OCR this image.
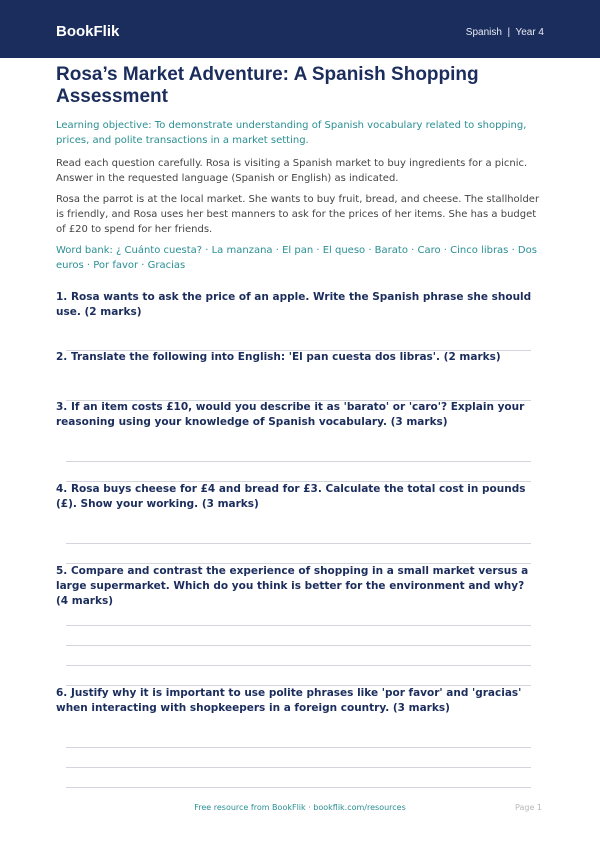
BookFlik	Spanish  |  Year 4
Rosa’s Market Adventure: A Spanish Shopping Assessment
Learning objective: To demonstrate understanding of Spanish vocabulary related to shopping, prices, and polite transactions in a market setting.
Read each question carefully. Rosa is visiting a Spanish market to buy ingredients for a picnic. Answer in the requested language (Spanish or English) as indicated.
Rosa the parrot is at the local market. She wants to buy fruit, bread, and cheese. The stallholder is friendly, and Rosa uses her best manners to ask for the prices of her items. She has a budget of £20 to spend for her friends.
Word bank: ¿ Cuánto cuesta? · La manzana · El pan · El queso · Barato · Caro · Cinco libras · Dos euros · Por favor · Gracias

1. Rosa wants to ask the price of an apple. Write the Spanish phrase she should use. (2 marks)

2. Translate the following into English: 'El pan cuesta dos libras'. (2 marks)

3. If an item costs £10, would you describe it as 'barato' or 'caro'? Explain your reasoning using your knowledge of Spanish vocabulary. (3 marks)

4. Rosa buys cheese for £4 and bread for £3. Calculate the total cost in pounds (£). Show your working. (3 marks)

5. Compare and contrast the experience of shopping in a small market versus a large supermarket. Which do you think is better for the environment and why? (4 marks)

6. Justify why it is important to use polite phrases like 'por favor' and 'gracias' when interacting with shopkeepers in a foreign country. (3 marks)

Free resource from BookFlik · bookflik.com/resources	Page 1
